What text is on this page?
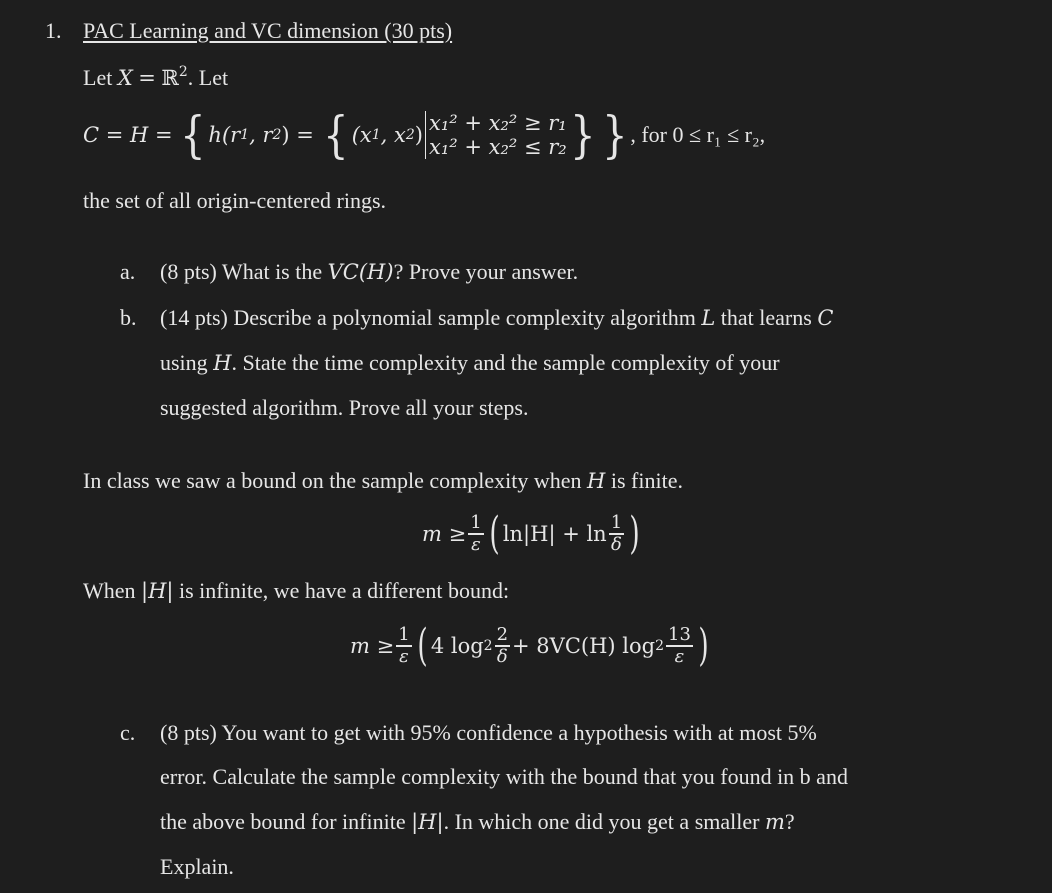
1. PAC Learning and VC dimension (30 pts)
Let X = ℝ$^2$. Let
C = H = { h (r 1 , r 2 ) = { (x 1 , x 2 ) x₁² + x₂² ≥ r₁
x₁² + x₂² ≤ r₂ } } , for 0 ≤ r₁ ≤ r₂,
the set of all origin-centered rings.
a. (8 pts) What is the VC(H)? Prove your answer.
b. (14 pts) Describe a polynomial sample complexity algorithm L that learns C
using H. State the time complexity and the sample complexity of your
suggested algorithm. Prove all your steps.
In class we saw a bound on the sample complexity when H is finite.
$m \ge \frac{1}{\varepsilon}$ ( $\ln|H| + \ln \frac{1}{\delta}$ )
When |H| is infinite, we have a different bound:
$m \ge \frac{1}{\varepsilon}$ ( 4 $\log 2 \frac{2}{\delta} + 8VC(H)$ $\log 2 \frac{13}{\varepsilon}$ )
c. (8 pts) You want to get with 95% confidence a hypothesis with at most 5%
error. Calculate the sample complexity with the bound that you found in b and
the above bound for infinite |H|. In which one did you get a smaller m?
Explain.
